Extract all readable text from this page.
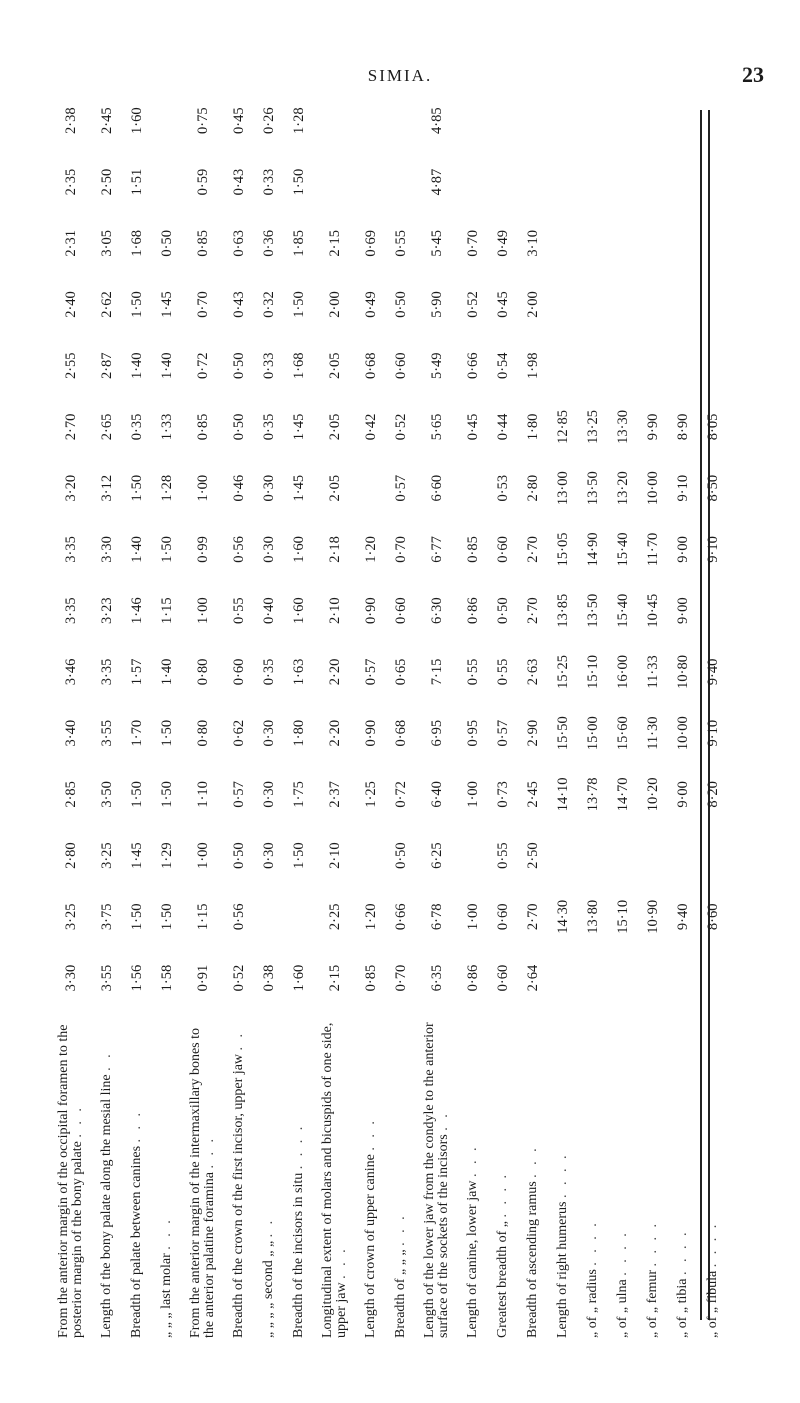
SIMIA.	23
From the anterior margin of the occipital foramen to the posterior margin of the bony palate . . .	3·30	3·25	2·80	2·85	3·40	3·46	3·35	3·35	3·20	2·70	2·55	2·40	2·31	2·35	2·38
Length of the bony palate along the mesial line . .	3·55	3·75	3·25	3·50	3·55	3·35	3·23	3·30	3·12	2·65	2·87	2·62	3·05	2·50	2·45
Breadth of palate between canines . . .	1·56	1·50	1·45	1·50	1·70	1·57	1·46	1·40	1·50	0·35	1·40	1·50	1·68	1·51	1·60
„ „ „ last molar . . .	1·58	1·50	1·29	1·50	1·50	1·40	1·15	1·50	1·28	1·33	1·40	1·45	0·50		
From the anterior margin of the intermaxillary bones to the anterior palatine foramina . . .	0·91	1·15	1·00	1·10	0·80	0·80	1·00	0·99	1·00	0·85	0·72	0·70	0·85	0·59	0·75
Breadth of the crown of the first incisor, upper jaw . .	0·52	0·56	0·50	0·57	0·62	0·60	0·55	0·56	0·46	0·50	0·50	0·43	0·63	0·43	0·45
„ „ „ „ second „ „ . .	0·38		0·30	0·30	0·30	0·35	0·40	0·30	0·30	0·35	0·33	0·32	0·36	0·33	0·26
Breadth of the incisors in situ . . . .	1·60		1·50	1·75	1·80	1·63	1·60	1·60	1·45	1·45	1·68	1·50	1·85	1·50	1·28
Longitudinal extent of molars and bicuspids of one side, upper jaw . . .	2·15	2·25	2·10	2·37	2·20	2·20	2·10	2·18	2·05	2·05	2·05	2·00	2·15		
Length of crown of upper canine . . .	0·85	1·20		1·25	0·90	0·57	0·90	1·20		0·42	0·68	0·49	0·69		
Breadth of „ „ „ . . .	0·70	0·66	0·50	0·72	0·68	0·65	0·60	0·70	0·57	0·52	0·60	0·50	0·55		
Length of the lower jaw from the condyle to the anterior surface of the sockets of the incisors . .	6·35	6·78	6·25	6·40	6·95	7·15	6·30	6·77	6·60	5·65	5·49	5·90	5·45	4·87	4·85
Length of canine, lower jaw . . .	0·86	1·00		1·00	0·95	0·55	0·86	0·85		0·45	0·66	0·52	0·70		
Greatest breadth of „ . . . .	0·60	0·60	0·55	0·73	0·57	0·55	0·50	0·60	0·53	0·44	0·54	0·45	0·49		
Breadth of ascending ramus . . .	2·64	2·70	2·50	2·45	2·90	2·63	2·70	2·70	2·80	1·80	1·98	2·00	3·10		
Length of right humerus . . . .		14·30		14·10	15·50	15·25	13·85	15·05	13·00	12·85					
„ of „ radius . . . .		13·80		13·78	15·00	15·10	13·50	14·90	13·50	13·25					
„ of „ ulna . . . .		15·10		14·70	15·60	16·00	15·40	15·40	13·20	13·30					
„ of „ femur . . . .		10·90		10·20	11·30	11·33	10·45	11·70	10·00	9·90					
„ of „ tibia . . . .		9·40		9·00	10·00	10·80	9·00	9·00	9·10	8·90					
„ of „ fibula . . . .		8·60		8·20	9·10	9·40		9·10	8·50	8·05					
